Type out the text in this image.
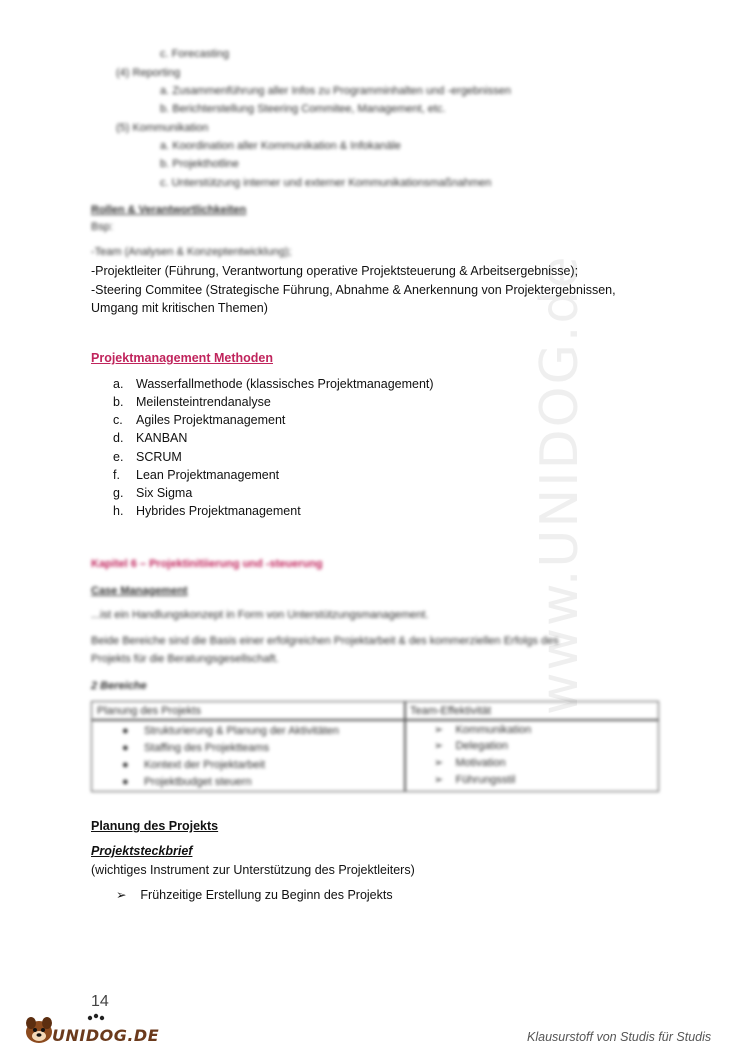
www.UNIDOG.de
c. Forecasting
(4) Reporting
a. Zusammenführung aller Infos zu Programminhalten und -ergebnissen
b. Berichterstellung Steering Commitee, Management, etc.
(5) Kommunikation
a. Koordination aller Kommunikation & Infokanäle
b. Projekthotline
c. Unterstützung interner und externer Kommunikationsmaßnahmen
Rollen & Verantwortlichkeiten
Bsp:
-Team (Analysen & Konzeptentwicklung);
-Projektleiter (Führung, Verantwortung operative Projektsteuerung & Arbeitsergebnisse);
-Steering Commitee (Strategische Führung, Abnahme & Anerkennung von Projektergebnissen,
Umgang mit kritischen Themen)
Projektmanagement Methoden
a. Wasserfallmethode (klassisches Projektmanagement)
b. Meilensteintrendanalyse
c. Agiles Projektmanagement
d. KANBAN
e. SCRUM
f. Lean Projektmanagement
g. Six Sigma
h. Hybrides Projektmanagement
Kapitel 6 – Projektinitiierung und -steuerung
Case Management
...ist ein Handlungskonzept in Form von Unterstützungsmanagement.
Beide Bereiche sind die Basis einer erfolgreichen Projektarbeit & des kommerziellen Erfolgs des
Projekts für die Beratungsgesellschaft.
2 Bereiche
Planung des Projekts	Team-Effektivität
●     Strukturierung & Planung der Aktivitäten
●     Staffing des Projektteams
●     Kontext der Projektarbeit
●     Projektbudget steuern
➢    Kommunikation
➢    Delegation
➢    Motivation
➢    Führungsstil
Planung des Projekts
Projektsteckbrief
(wichtiges Instrument zur Unterstützung des Projektleiters)
➢ Frühzeitige Erstellung zu Beginn des Projekts
14
UNIDOG.DE	Klausurstoff von Studis für Studis
